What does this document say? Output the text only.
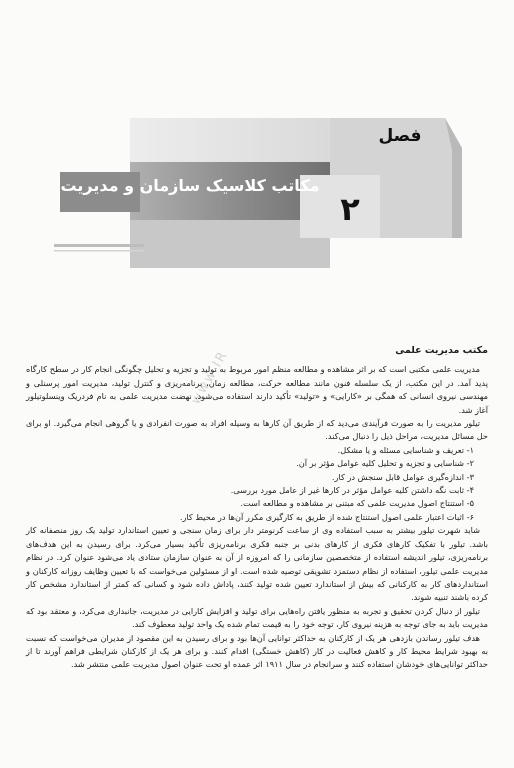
فصل
۲
مکاتب کلاسیک سازمان و مدیریت
www.IR	مکتب مدیریت علمی

مدیریت علمی مکتبی است که بر اثر مشاهده و مطالعه منظم امور مربوط به تولید و تجزیه و تحلیل چگونگی انجام کار در سطح کارگاه پدید آمد. در این مکتب، از یک سلسله فنون مانند مطالعه حرکت، مطالعه زمان، برنامه‌ریزی و کنترل تولید، مدیریت امور پرسنلی و مهندسی نیروی انسانی که همگی بر «کارایی» و «تولید» تأکید دارند استفاده می‌شود. نهضت مدیریت علمی به نام فردریک وینسلوتیلور آغاز شد.

تیلور مدیریت را به صورت فرآیندی می‌دید که از طریق آن کارها به وسیله افراد به صورت انفرادی و یا گروهی انجام می‌گیرد. او برای حل مسائل مدیریت، مراحل ذیل را دنبال می‌کند.

۱- تعریف و شناسایی مسئله و یا مشکل.
۲- شناسایی و تجزیه و تحلیل کلیه عوامل مؤثر بر آن.
۳- اندازه‌گیری عوامل قابل سنجش در کار.
۴- ثابت نگه داشتن کلیه عوامل مؤثر در کارها غیر از عامل مورد بررسی.
۵- استنتاج اصول مدیریت علمی که مبتنی بر مشاهده و مطالعه است.
۶- اثبات اعتبار علمی اصول استنتاج شده از طریق به کارگیری مکرر آن‌ها در محیط کار.

شاید شهرت تیلور بیشتر به سبب استفاده وی از ساعت کرنومتر دار برای زمان سنجی و تعیین استاندارد تولید یک روز منصفانه کار باشد. تیلور با تفکیک کارهای فکری از کارهای بدنی بر جنبه فکری برنامه‌ریزی تأکید بسیار می‌کرد. برای رسیدن به این هدف‌های برنامه‌ریزی، تیلور اندیشه استفاده از متخصصین سازمانی را که امروزه از آن به عنوان سازمان ستادی یاد می‌شود عنوان کرد. در نظام مدیریت علمی تیلور، استفاده از نظام دستمزد تشویقی توصیه شده است. او از مسئولین می‌خواست که با تعیین وظایف روزانه کارکنان و استانداردهای کار به کارکنانی که بیش از استاندارد تعیین شده تولید کنند، پاداش داده شود و کسانی که کمتر از استاندارد مشخص کار کرده باشند تنبیه شوند.

تیلور از دنبال کردن تحقیق و تجربه به منظور یافتن راه‌هایی برای تولید و افزایش کارایی در مدیریت، جانبداری می‌کرد، و معتقد بود که مدیریت باید به جای توجه به هزینه نیروی کار، توجه خود را به قیمت تمام شده یک واحد تولید معطوف کند.

هدف تیلور رساندن بازدهی هر یک از کارکنان به حداکثر توانایی آن‌ها بود و برای رسیدن به این مقصود از مدیران می‌خواست که نسبت به بهبود شرایط محیط کار و کاهش فعالیت در کار (کاهش خستگی) اقدام کنند. و برای هر یک از کارکنان شرایطی فراهم آورند تا از حداکثر توانایی‌های خودشان استفاده کنند و سرانجام در سال ۱۹۱۱ اثر عمده او تحت عنوان اصول مدیریت علمی منتشر شد.
